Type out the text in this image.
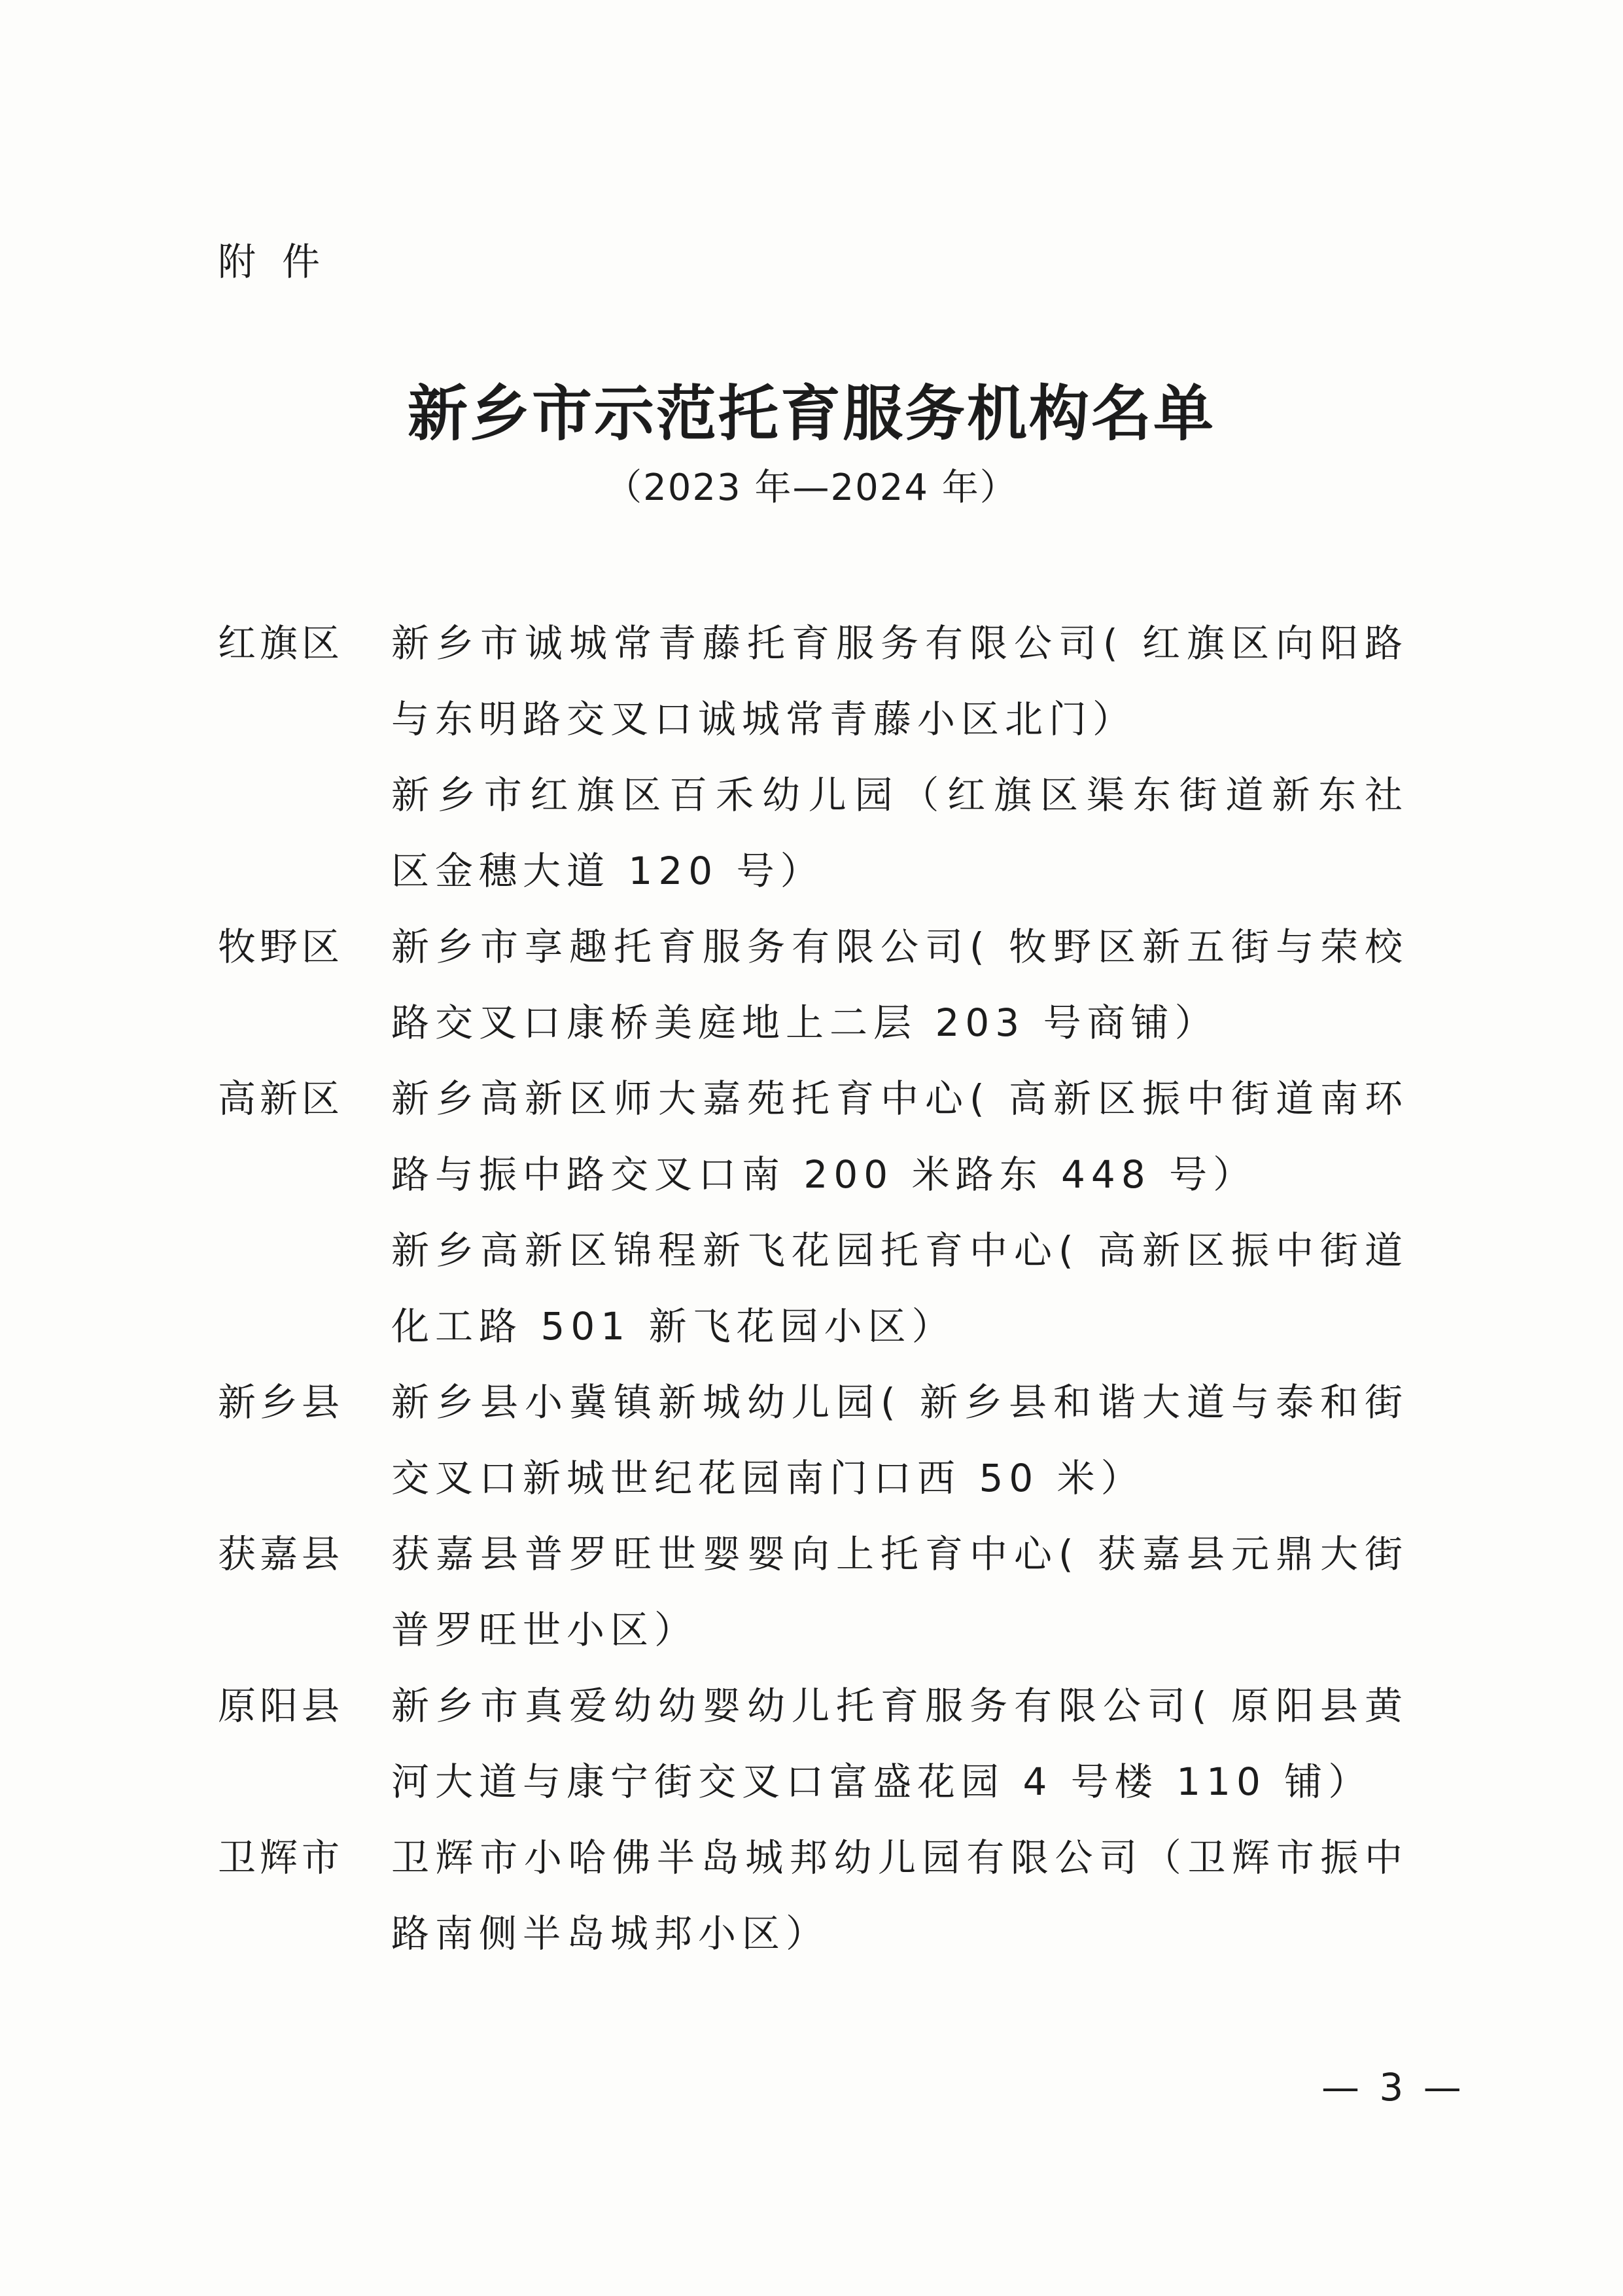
附件
新乡市示范托育服务机构名单
（2023 年—2024 年）
红旗区	新乡市诚城常青藤托育服务有限公司( 红旗区向阳路与东明路交叉口诚城常青藤小区北门）
新乡市红旗区百禾幼儿园（红旗区渠东街道新东社 区金穗大道 120 号）
牧野区	新乡市享趣托育服务有限公司( 牧野区新五街与荣校路交叉口康桥美庭地上二层 203 号商铺）
高新区	新乡高新区师大嘉苑托育中心( 高新区振中街道南环路与振中路交叉口南 200 米路东 448 号）
新乡高新区锦程新飞花园托育中心( 高新区振中街道化工路 501 新飞花园小区）
新乡县	新乡县小冀镇新城幼儿园( 新乡县和谐大道与泰和街交叉口新城世纪花园南门口西 50 米）
获嘉县	获嘉县普罗旺世婴婴向上托育中心( 获嘉县元鼎大街普罗旺世小区）
原阳县	新乡市真爱幼幼婴幼儿托育服务有限公司( 原阳县黄河大道与康宁街交叉口富盛花园 4 号楼 110 铺）
卫辉市	卫辉市小哈佛半岛城邦幼儿园有限公司（卫辉市振中路南侧半岛城邦小区）
— 3 —
